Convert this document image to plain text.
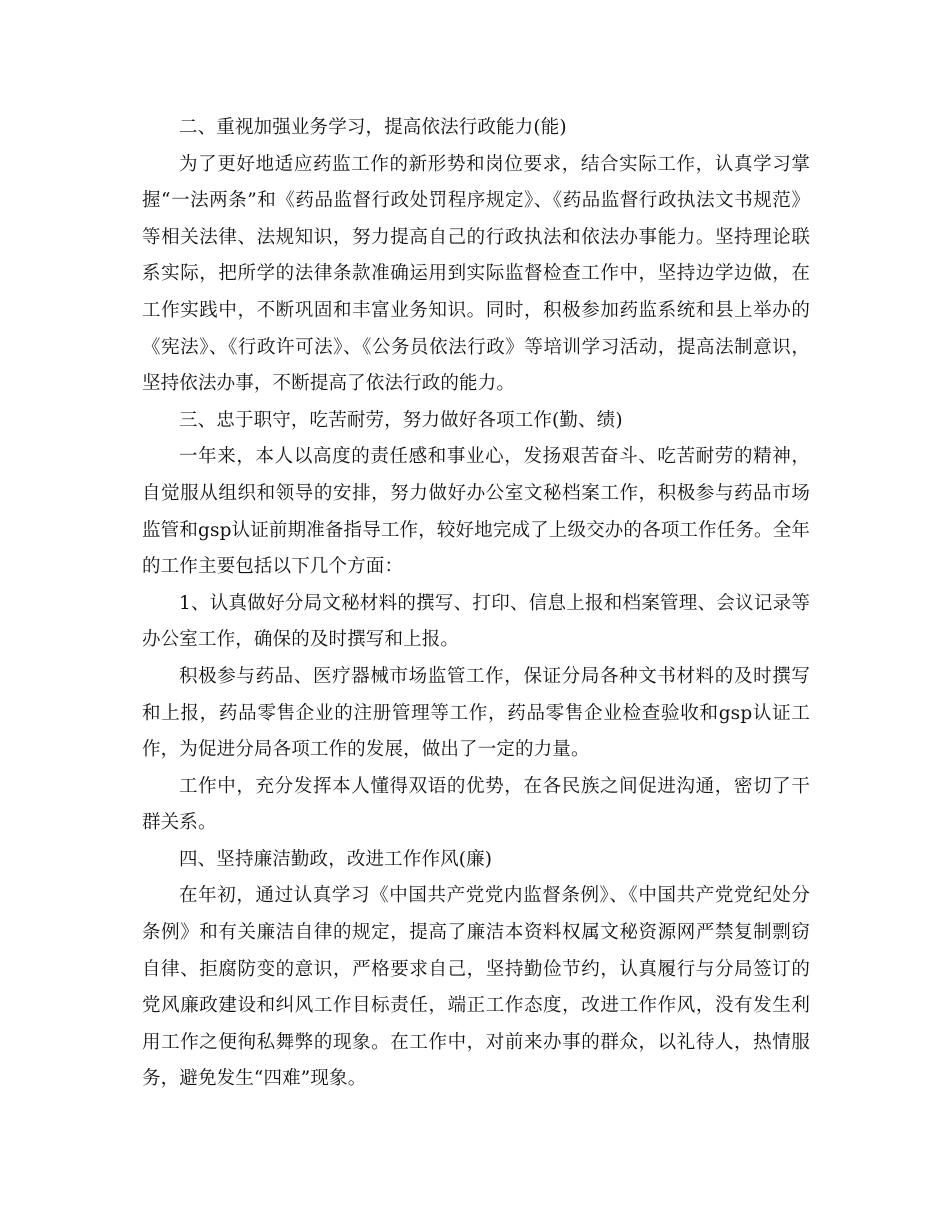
二、重视加强业务学习，提高依法行政能力(能)

为了更好地适应药监工作的新形势和岗位要求，结合实际工作，认真学习掌握“一法两条”和《药品监督行政处罚程序规定》、《药品监督行政执法文书规范》等相关法律、法规知识，努力提高自己的行政执法和依法办事能力。坚持理论联系实际，把所学的法律条款准确运用到实际监督检查工作中，坚持边学边做，在工作实践中，不断巩固和丰富业务知识。同时，积极参加药监系统和县上举办的《宪法》、《行政许可法》、《公务员依法行政》等培训学习活动，提高法制意识，坚持依法办事，不断提高了依法行政的能力。

三、忠于职守，吃苦耐劳，努力做好各项工作(勤、绩)

一年来，本人以高度的责任感和事业心，发扬艰苦奋斗、吃苦耐劳的精神，自觉服从组织和领导的安排，努力做好办公室文秘档案工作，积极参与药品市场监管和gsp认证前期准备指导工作，较好地完成了上级交办的各项工作任务。全年的工作主要包括以下几个方面：

1、认真做好分局文秘材料的撰写、打印、信息上报和档案管理、会议记录等办公室工作，确保的及时撰写和上报。

积极参与药品、医疗器械市场监管工作，保证分局各种文书材料的及时撰写和上报，药品零售企业的注册管理等工作，药品零售企业检查验收和gsp认证工作，为促进分局各项工作的发展，做出了一定的力量。

工作中，充分发挥本人懂得双语的优势，在各民族之间促进沟通，密切了干群关系。

四、坚持廉洁勤政，改进工作作风(廉)

在年初，通过认真学习《中国共产党党内监督条例》、《中国共产党党纪处分条例》和有关廉洁自律的规定，提高了廉洁本资料权属文秘资源网严禁复制剽窃自律、拒腐防变的意识，严格要求自己，坚持勤俭节约，认真履行与分局签订的党风廉政建设和纠风工作目标责任，端正工作态度，改进工作作风，没有发生利用工作之便徇私舞弊的现象。在工作中，对前来办事的群众，以礼待人，热情服务，避免发生“四难”现象。
